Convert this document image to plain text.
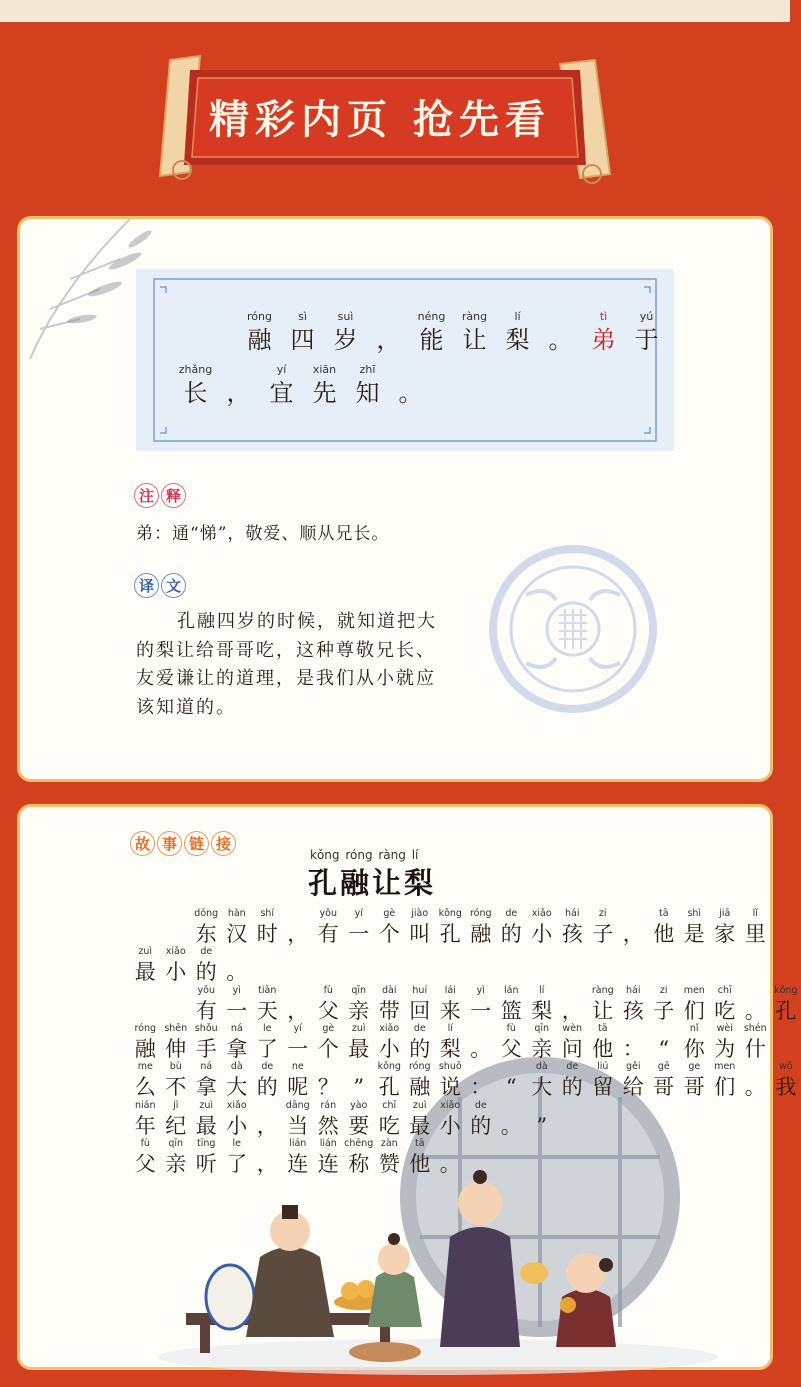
精彩内页 抢先看
róng
融
sì
四
suì
岁 ，
néng
能
ràng
让
lí
梨 。
tì
弟
yú
于
zhǎng
长 ，
yí
宜
xiān
先
zhī
知 。
注 释
弟：通“悌”，敬爱、顺从兄长。
译 文
孔融四岁的时候，就知道把大的梨让给哥哥吃，这种尊敬兄长、友爱谦让的道理，是我们从小就应该知道的。
故 事 链 接
kǒng róng ràng lí
孔融让梨
dōng
东
hàn
汉
shí
时 ，
yǒu
有
yí
一
gè
个
jiào
叫
kǒng
孔
róng
融
de
的
xiǎo
小
hái
孩
zi
子 ，
tā
他
shì
是
jiā
家
lǐ
里
zuì
最
xiǎo
小
de
的 。
yǒu
有
yì
一
tiān
天 ，
fù
父
qīn
亲
dài
带
huí
回
lái
来
yì
一
lán
篮
lí
梨 ，
ràng
让
hái
孩
zi
子
men
们
chī
吃 。
kǒng
孔
róng
融
shēn
伸
shǒu
手
ná
拿
le
了
yí
一
gè
个
zuì
最
xiǎo
小
de
的
lí
梨 。
fù
父
qīn
亲
wèn
问
tā
他 ： “
nǐ
你
wèi
为
shén
什
me
么
bù
不
ná
拿
dà
大
de
的
ne
呢 ？ ”
kǒng
孔
róng
融
shuō
说 ： “
dà
大
de
的
liú
留
gěi
给
gē
哥
ge
哥
men
们 。
wǒ
我
nián
年
jì
纪
zuì
最
xiǎo
小 ，
dāng
当
rán
然
yào
要
chī
吃
zuì
最
xiǎo
小
de
的 。 ”
fù
父
qīn
亲
tīng
听
le
了 ，
lián
连
lián
连
chēng
称
zàn
赞
tā
他 。
